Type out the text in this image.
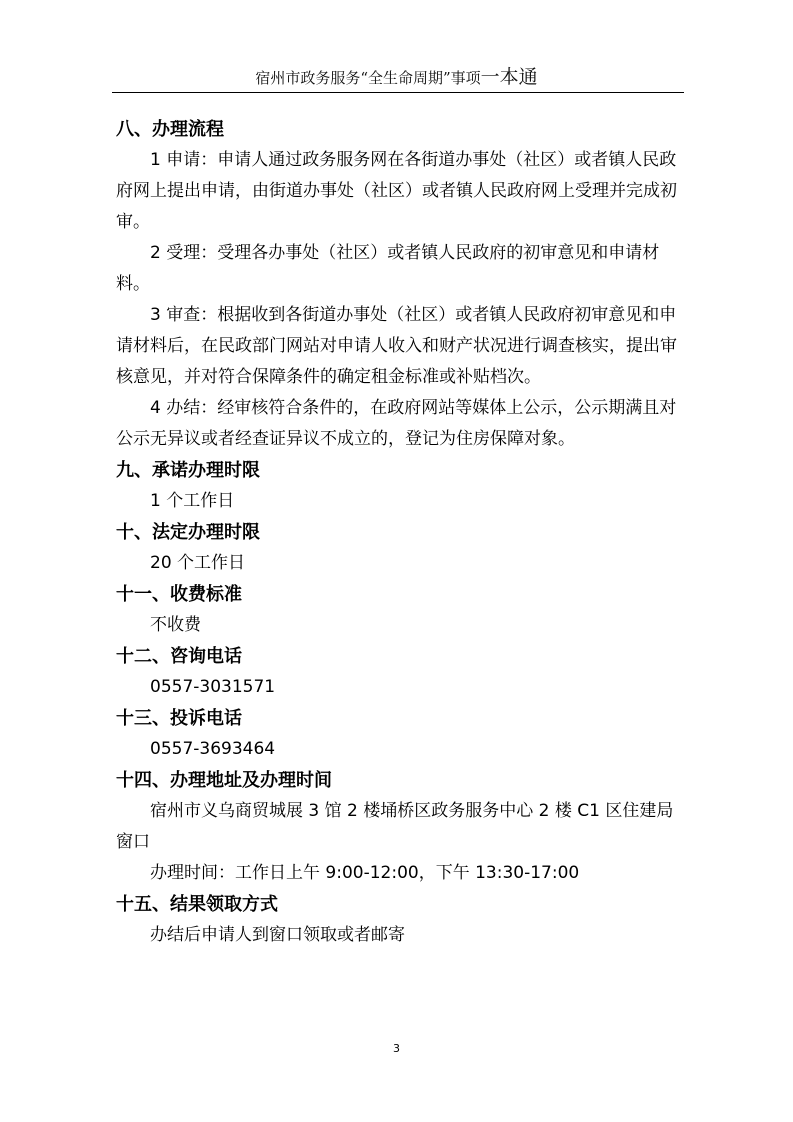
宿州市政务服务“全生命周期”事项一本通

八、办理流程

1 申请：申请人通过政务服务网在各街道办事处（社区）或者镇人民政府网上提出申请，由街道办事处（社区）或者镇人民政府网上受理并完成初审。

2 受理：受理各办事处（社区）或者镇人民政府的初审意见和申请材料。

3 审查：根据收到各街道办事处（社区）或者镇人民政府初审意见和申请材料后，在民政部门网站对申请人收入和财产状况进行调查核实，提出审核意见，并对符合保障条件的确定租金标准或补贴档次。

4 办结：经审核符合条件的，在政府网站等媒体上公示，公示期满且对公示无异议或者经查证异议不成立的，登记为住房保障对象。

九、承诺办理时限

1 个工作日

十、法定办理时限

20 个工作日

十一、收费标准

不收费

十二、咨询电话

0557-3031571

十三、投诉电话

0557-3693464

十四、办理地址及办理时间

宿州市义乌商贸城展 3 馆 2 楼埇桥区政务服务中心 2 楼 C1 区住建局窗口

办理时间：工作日上午 9:00-12:00，下午 13:30-17:00

十五、结果领取方式

办结后申请人到窗口领取或者邮寄

3
